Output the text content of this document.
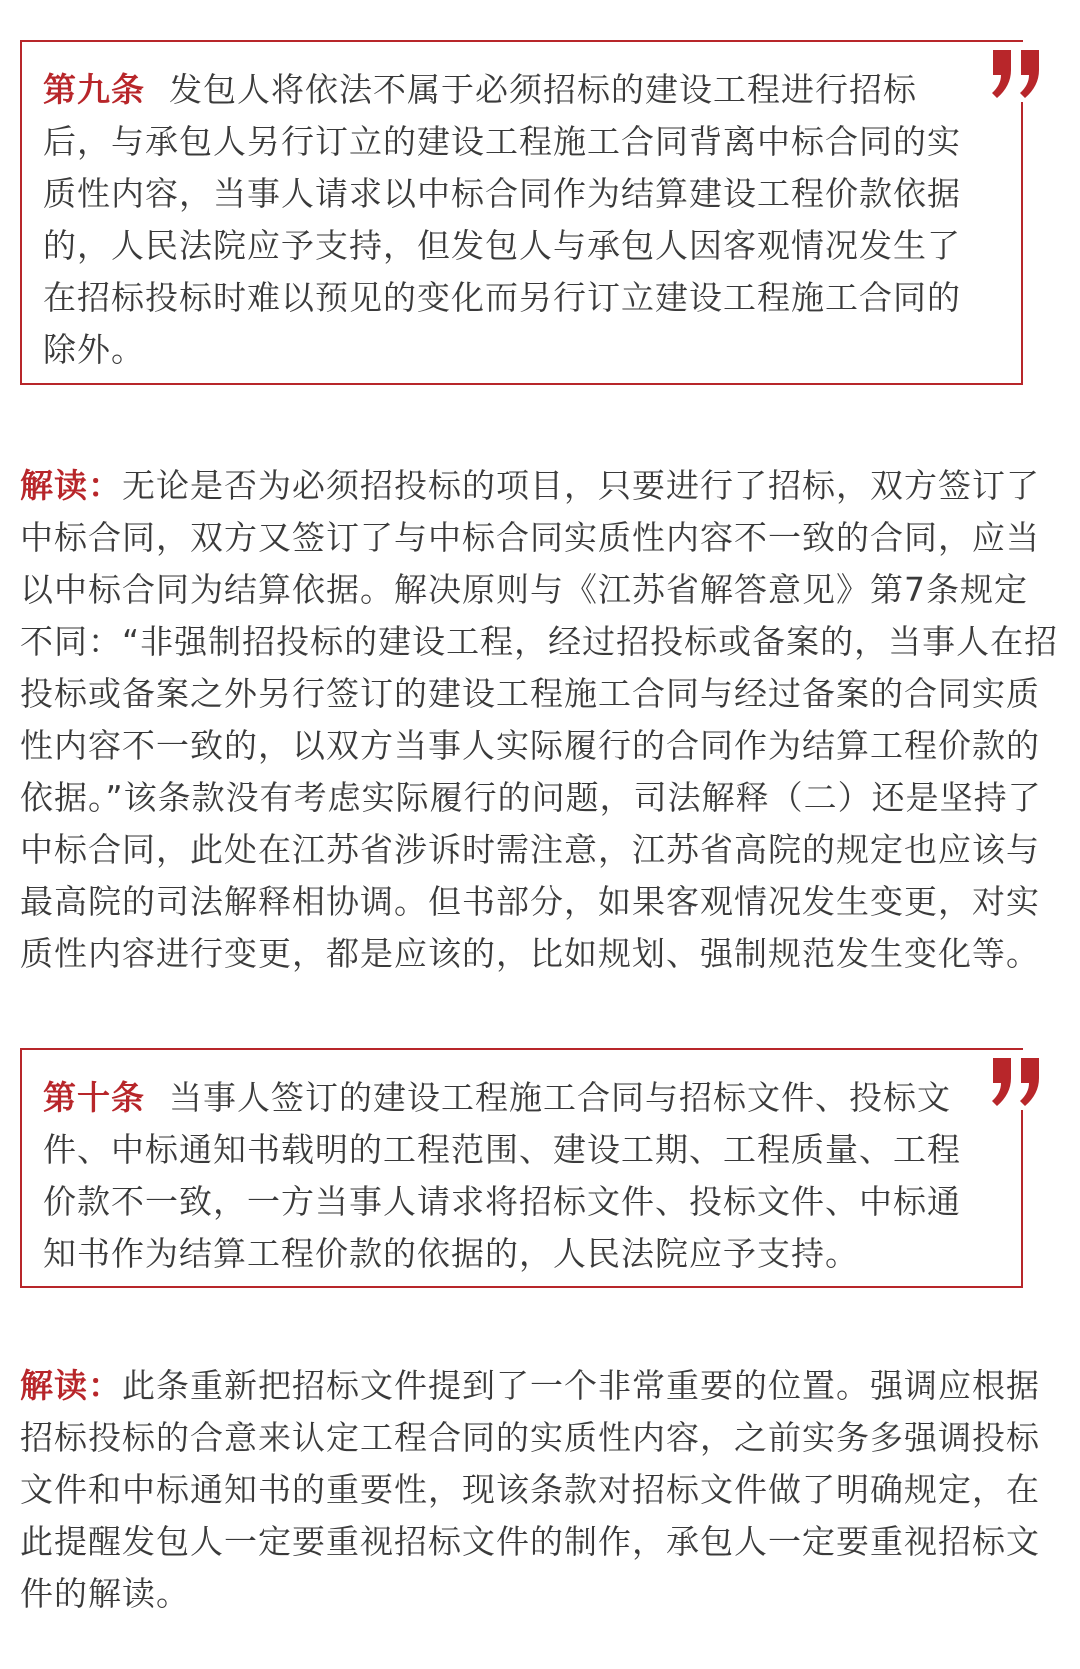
第九条 发包人将依法不属于必须招标的建设工程进行招标后，与承包人另行订立的建设工程施工合同背离中标合同的实质性内容，当事人请求以中标合同作为结算建设工程价款依据的，人民法院应予支持，但发包人与承包人因客观情况发生了在招标投标时难以预见的变化而另行订立建设工程施工合同的除外。

解读：无论是否为必须招投标的项目，只要进行了招标，双方签订了中标合同，双方又签订了与中标合同实质性内容不一致的合同，应当以中标合同为结算依据。解决原则与《江苏省解答意见》第7条规定不同：“非强制招投标的建设工程，经过招投标或备案的，当事人在招投标或备案之外另行签订的建设工程施工合同与经过备案的合同实质性内容不一致的，以双方当事人实际履行的合同作为结算工程价款的依据。”该条款没有考虑实际履行的问题，司法解释（二）还是坚持了中标合同，此处在江苏省涉诉时需注意，江苏省高院的规定也应该与最高院的司法解释相协调。但书部分，如果客观情况发生变更，对实质性内容进行变更，都是应该的，比如规划、强制规范发生变化等。

第十条 当事人签订的建设工程施工合同与招标文件、投标文件、中标通知书载明的工程范围、建设工期、工程质量、工程价款不一致，一方当事人请求将招标文件、投标文件、中标通知书作为结算工程价款的依据的，人民法院应予支持。

解读：此条重新把招标文件提到了一个非常重要的位置。强调应根据招标投标的合意来认定工程合同的实质性内容，之前实务多强调投标文件和中标通知书的重要性，现该条款对招标文件做了明确规定，在此提醒发包人一定要重视招标文件的制作，承包人一定要重视招标文件的解读。
